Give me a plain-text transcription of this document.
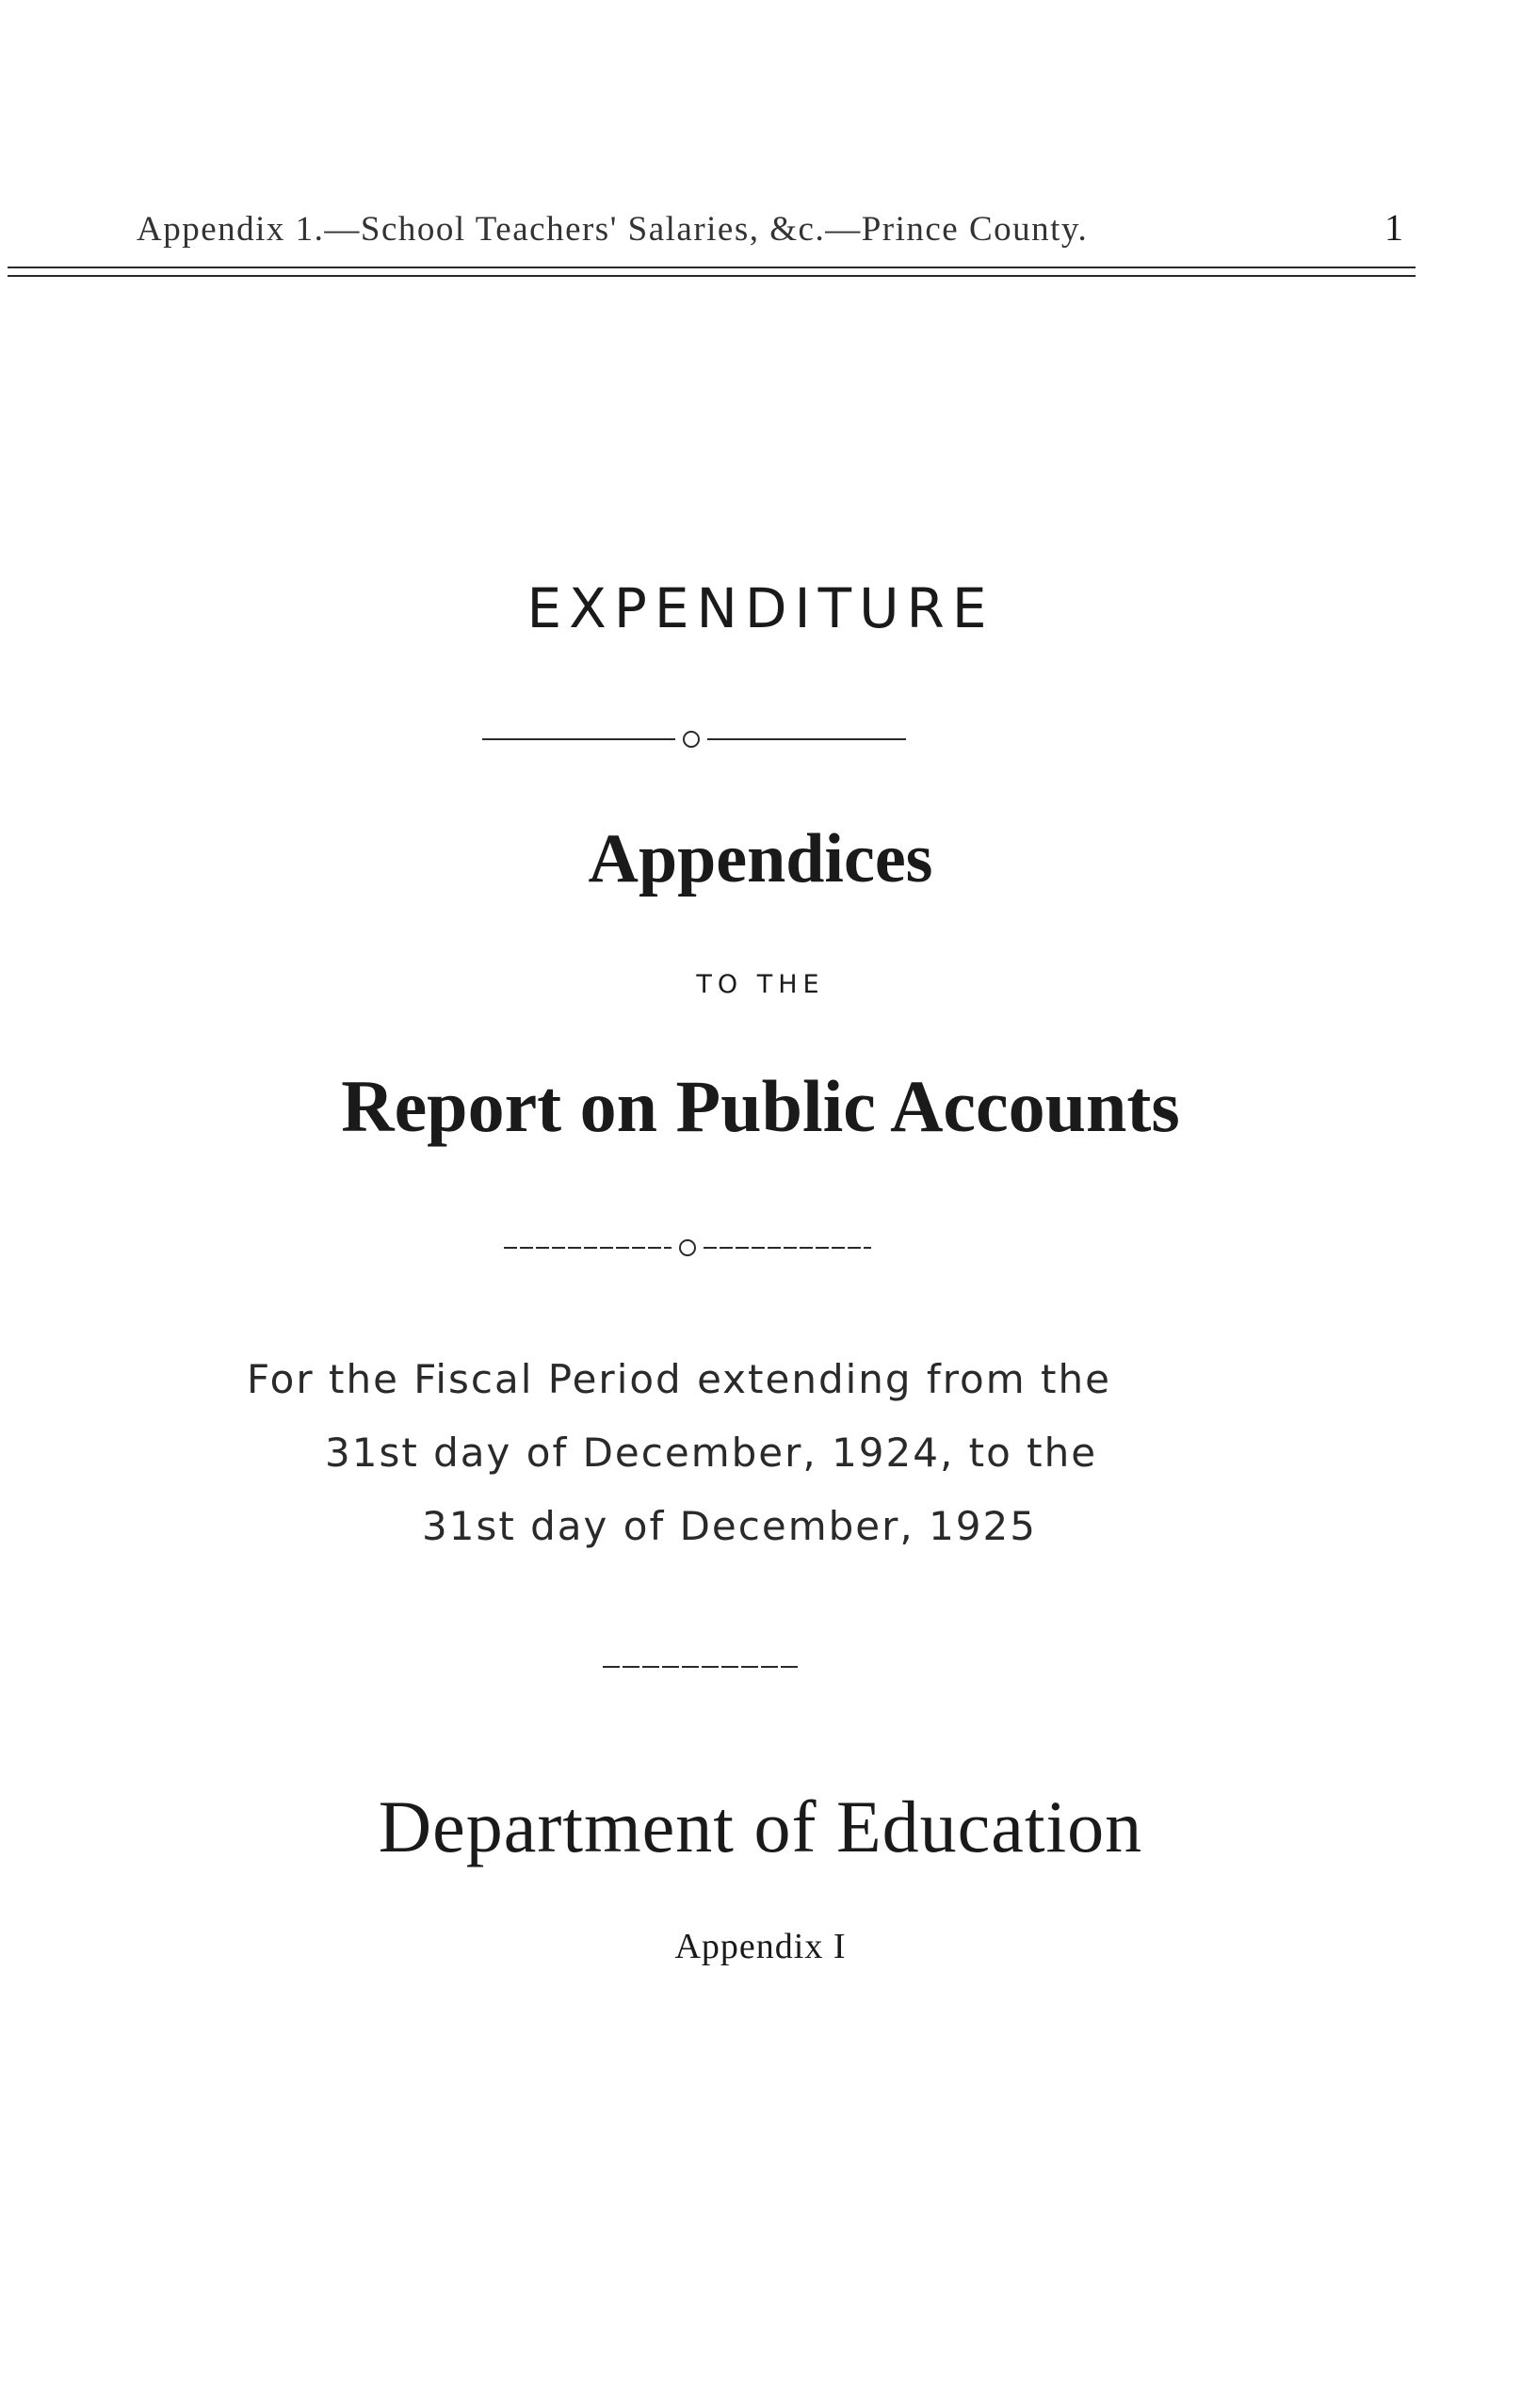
Appendix 1.—School Teachers' Salaries, &c.—Prince County.	1
EXPENDITURE
Appendices
TO THE
Report on Public Accounts
For the Fiscal Period extending from the
31st day of December, 1924, to the
31st day of December, 1925
Department of Education
Appendix I
